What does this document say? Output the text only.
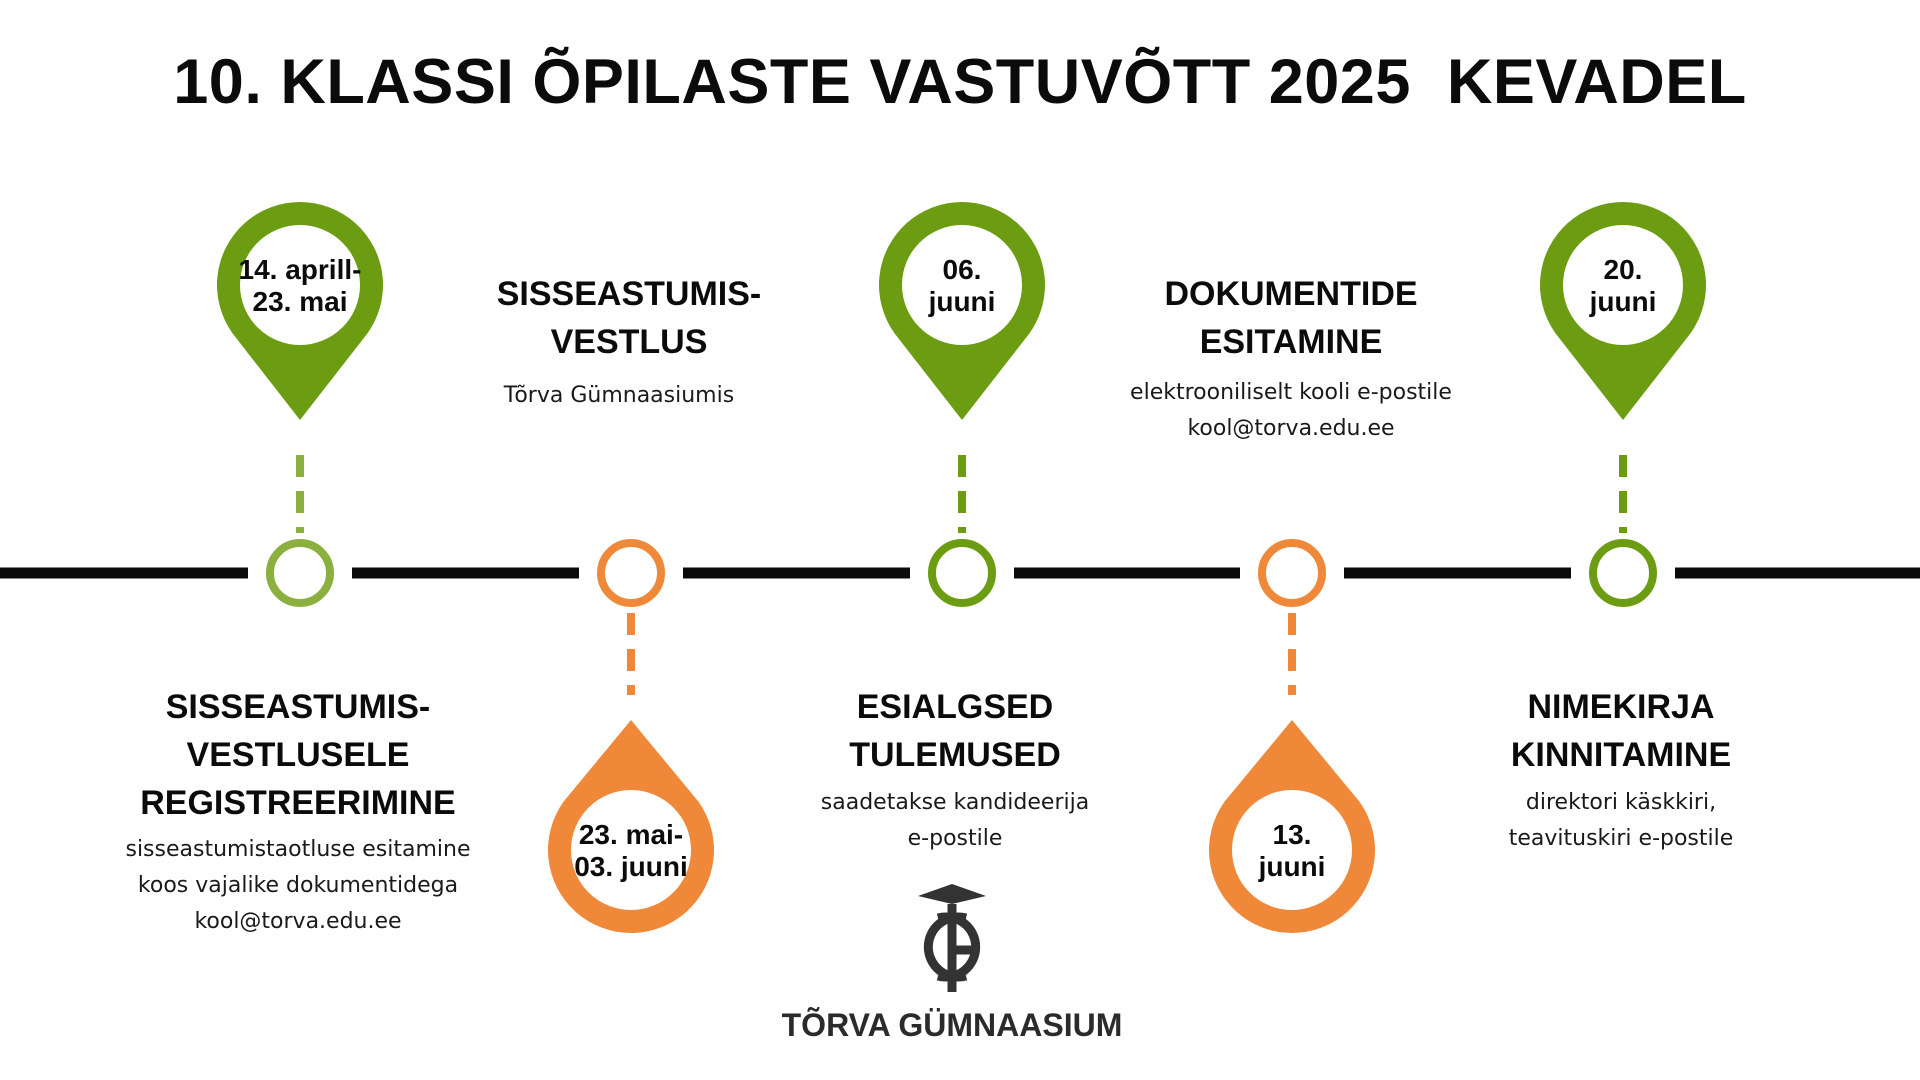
10. KLASSI ÕPILASTE VASTUVÕTT 2025  KEVADEL
14. aprill-23. mai
23. mai-03. juuni
06. juuni
13. juuni
20. juuni
TÕRVA GÜMNAASIUM
SISSEASTUMIS-
VESTLUSELE
REGISTREERIMINE
sisseastumistaotluse esitamine
koos vajalike dokumentidega
kool@torva.edu.ee
SISSEASTUMIS-
VESTLUS
Tõrva Gümnaasiumis
ESIALGSED
TULEMUSED
saadetakse kandideerija
e-postile
DOKUMENTIDE
ESITAMINE
elektrooniliselt kooli e-postile
kool@torva.edu.ee
NIMEKIRJA
KINNITAMINE
direktori käskkiri,
teavituskiri e-postile
